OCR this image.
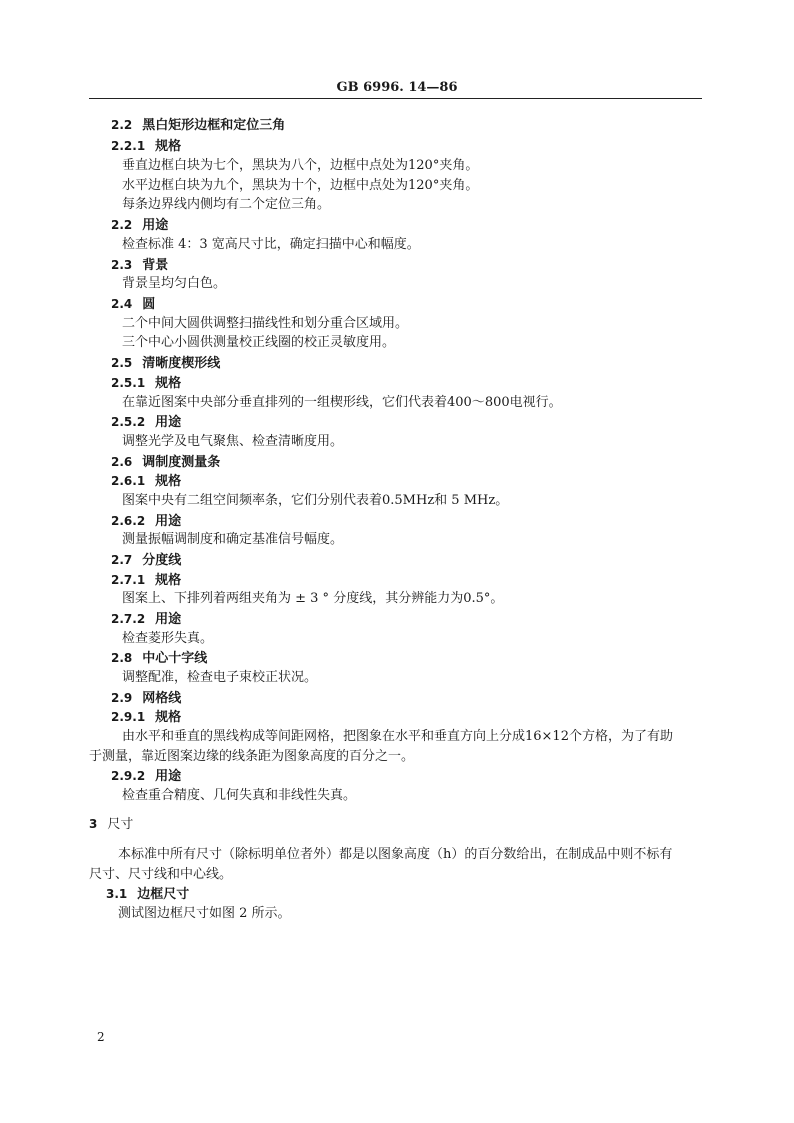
GB 6996. 14—86
2.2 黑白矩形边框和定位三角
2.2.1 规格
垂直边框白块为七个，黑块为八个，边框中点处为120°夹角。
水平边框白块为九个，黑块为十个，边框中点处为120°夹角。
每条边界线内侧均有二个定位三角。
2.2 用途
检查标准 4：3 宽高尺寸比，确定扫描中心和幅度。
2.3 背景
背景呈均匀白色。
2.4 圆
二个中间大圆供调整扫描线性和划分重合区域用。
三个中心小圆供测量校正线圈的校正灵敏度用。
2.5 清晰度楔形线
2.5.1 规格
在靠近图案中央部分垂直排列的一组楔形线，它们代表着400～800电视行。
2.5.2 用途
调整光学及电气聚焦、检查清晰度用。
2.6 调制度测量条
2.6.1 规格
图案中央有二组空间频率条，它们分别代表着0.5MHz和 5 MHz。
2.6.2 用途
测量振幅调制度和确定基准信号幅度。
2.7 分度线
2.7.1 规格
图案上、下排列着两组夹角为 ± 3 ° 分度线，其分辨能力为0.5°。
2.7.2 用途
检查菱形失真。
2.8 中心十字线
调整配准，检查电子束校正状况。
2.9 网格线
2.9.1 规格
由水平和垂直的黑线构成等间距网格，把图象在水平和垂直方向上分成16×12个方格，为了有助
于测量，靠近图案边缘的线条距为图象高度的百分之一。
2.9.2 用途
检查重合精度、几何失真和非线性失真。
3 尺寸
本标准中所有尺寸（除标明单位者外）都是以图象高度（h）的百分数给出，在制成品中则不标有
尺寸、尺寸线和中心线。
3.1 边框尺寸
测试图边框尺寸如图 2 所示。
2
